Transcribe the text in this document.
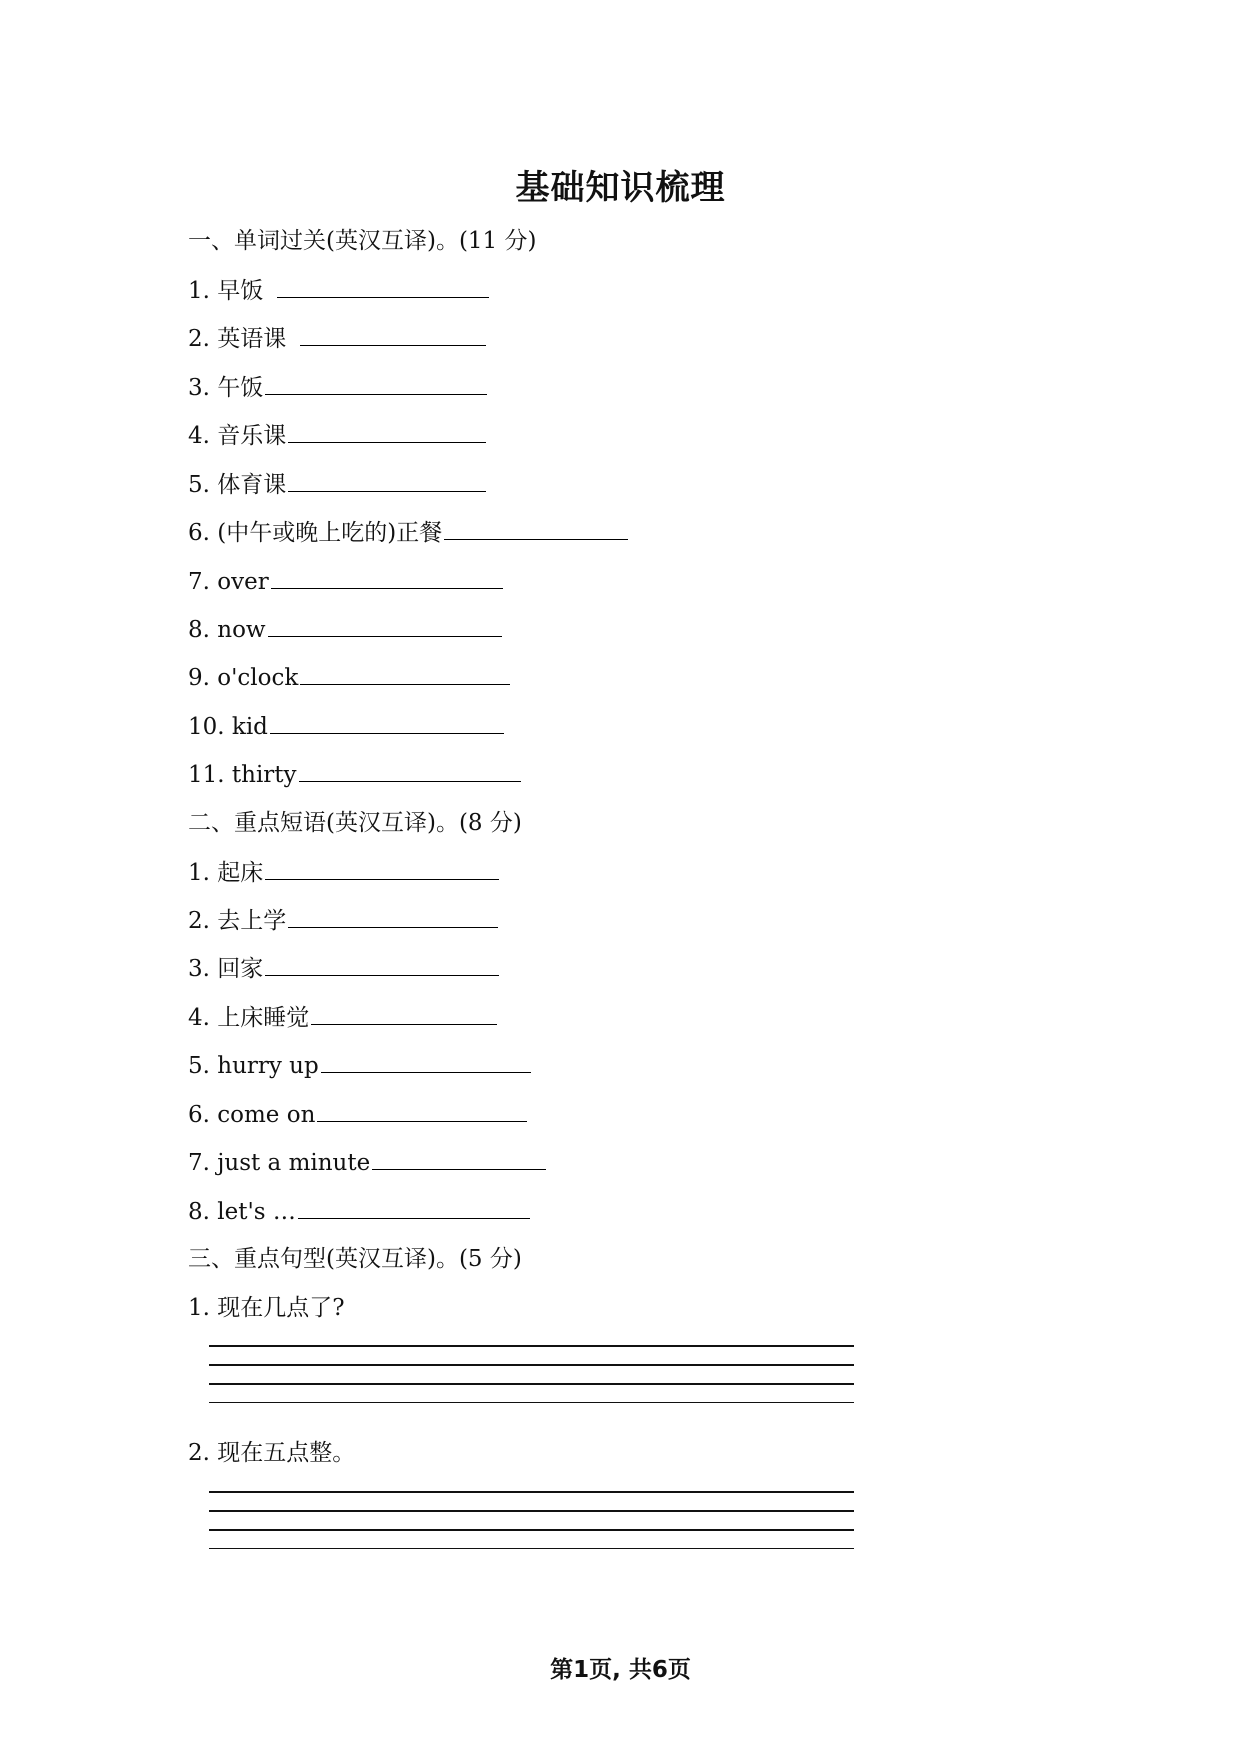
基础知识梳理
一、单词过关(英汉互译)。(11 分)
1. 早饭
2. 英语课
3. 午饭
4. 音乐课
5. 体育课
6. (中午或晚上吃的)正餐
7. over
8. now
9. o'clock
10. kid
11. thirty
二、重点短语(英汉互译)。(8 分)
1. 起床
2. 去上学
3. 回家
4. 上床睡觉
5. hurry up
6. come on
7. just a minute
8. let's …
三、重点句型(英汉互译)。(5 分)
1. 现在几点了?
2. 现在五点整。
第1页, 共6页
